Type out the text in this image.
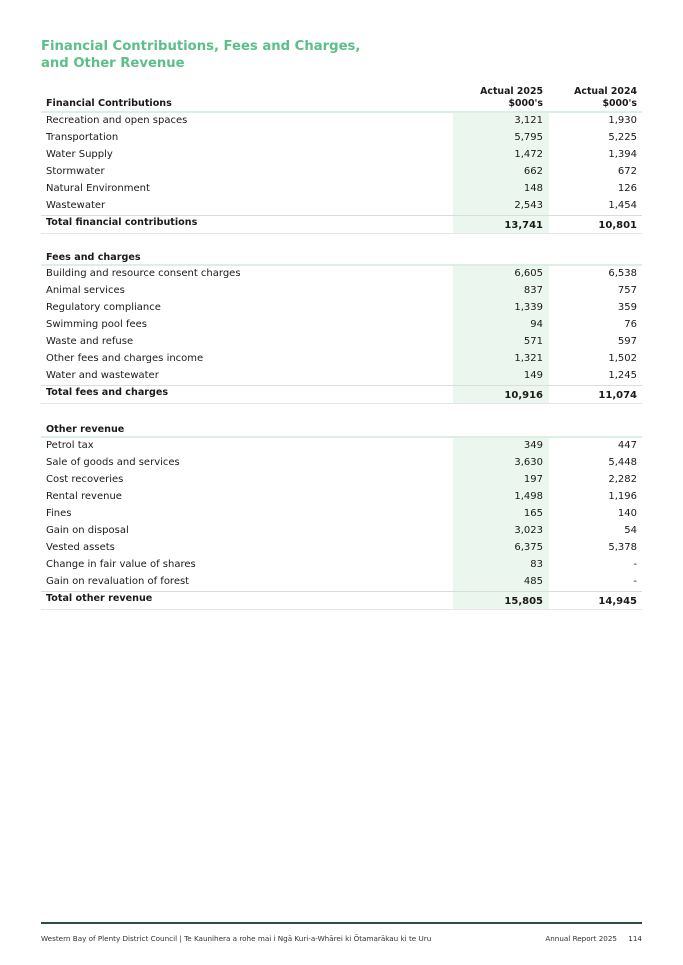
Financial Contributions, Fees and Charges,
and Other Revenue
Financial Contributions
Actual 2025
$000's
Actual 2024
$000's
Recreation and open spaces	3,121	1,930
Transportation	5,795	5,225
Water Supply	1,472	1,394
Stormwater	662	672
Natural Environment	148	126
Wastewater	2,543	1,454
Total financial contributions	13,741	10,801
Fees and charges
Building and resource consent charges	6,605	6,538
Animal services	837	757
Regulatory compliance	1,339	359
Swimming pool fees	94	76
Waste and refuse	571	597
Other fees and charges income	1,321	1,502
Water and wastewater	149	1,245
Total fees and charges	10,916	11,074
Other revenue
Petrol tax	349	447
Sale of goods and services	3,630	5,448
Cost recoveries	197	2,282
Rental revenue	1,498	1,196
Fines	165	140
Gain on disposal	3,023	54
Vested assets	6,375	5,378
Change in fair value of shares	83	-
Gain on revaluation of forest	485	-
Total other revenue	15,805	14,945
Western Bay of Plenty District Council | Te Kaunihera a rohe mai i Ngā Kuri-a-Whārei ki Ōtamarākau ki te Uru	Annual Report 2025 114
